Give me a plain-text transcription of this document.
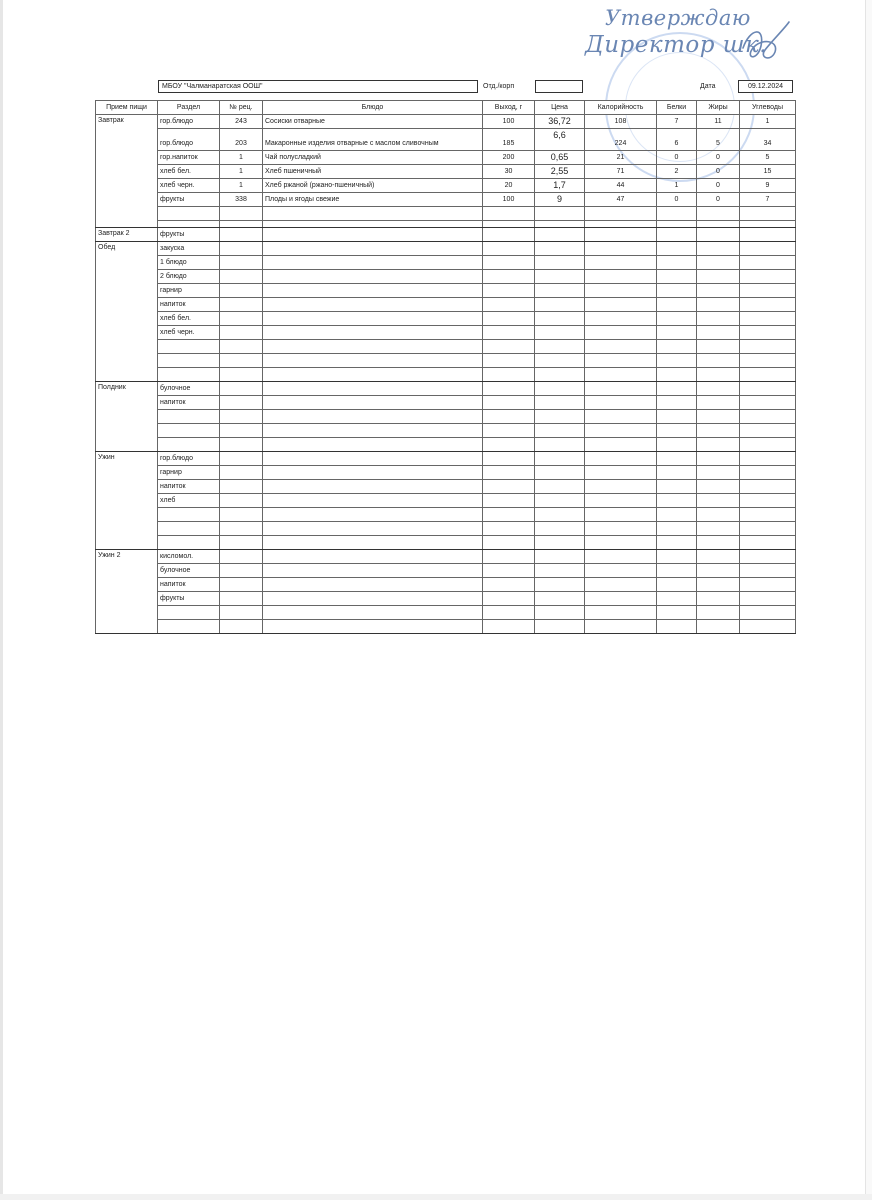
Утверждаю
Директор шк.
МБОУ "Чалманаратская ООШ"	Отд./корп	Дата	09.12.2024
Прием пищи	Раздел	№ рец.	Блюдо	Выход, г	Цена	Калорийность	Белки	Жиры	Углеводы
Завтрак	гор.блюдо	243	Сосиски отварные	100	36,72	108	7	11	1
	гор.блюдо	203	Макаронные изделия отварные с маслом сливочным	185	6,6	224	6	5	34
	гор.напиток	1	Чай полусладкий	200	0,65	21	0	0	5
	хлеб бел.	1	Хлеб пшеничный	30	2,55	71	2	0	15
	хлеб черн.	1	Хлеб ржаной (ржано-пшеничный)	20	1,7	44	1	0	9
	фрукты	338	Плоды и ягоды свежие	100	9	47	0	0	7

Завтрак 2	фрукты								
Обед	закуска								
	1 блюдо								
	2 блюдо								
	гарнир								
	напиток								
	хлеб бел.								
	хлеб черн.								

Полдник	булочное								
	напиток								

Ужин	гор.блюдо								
	гарнир								
	напиток								
	хлеб								

Ужин 2	кисломол.								
	булочное								
	напиток								
	фрукты								
